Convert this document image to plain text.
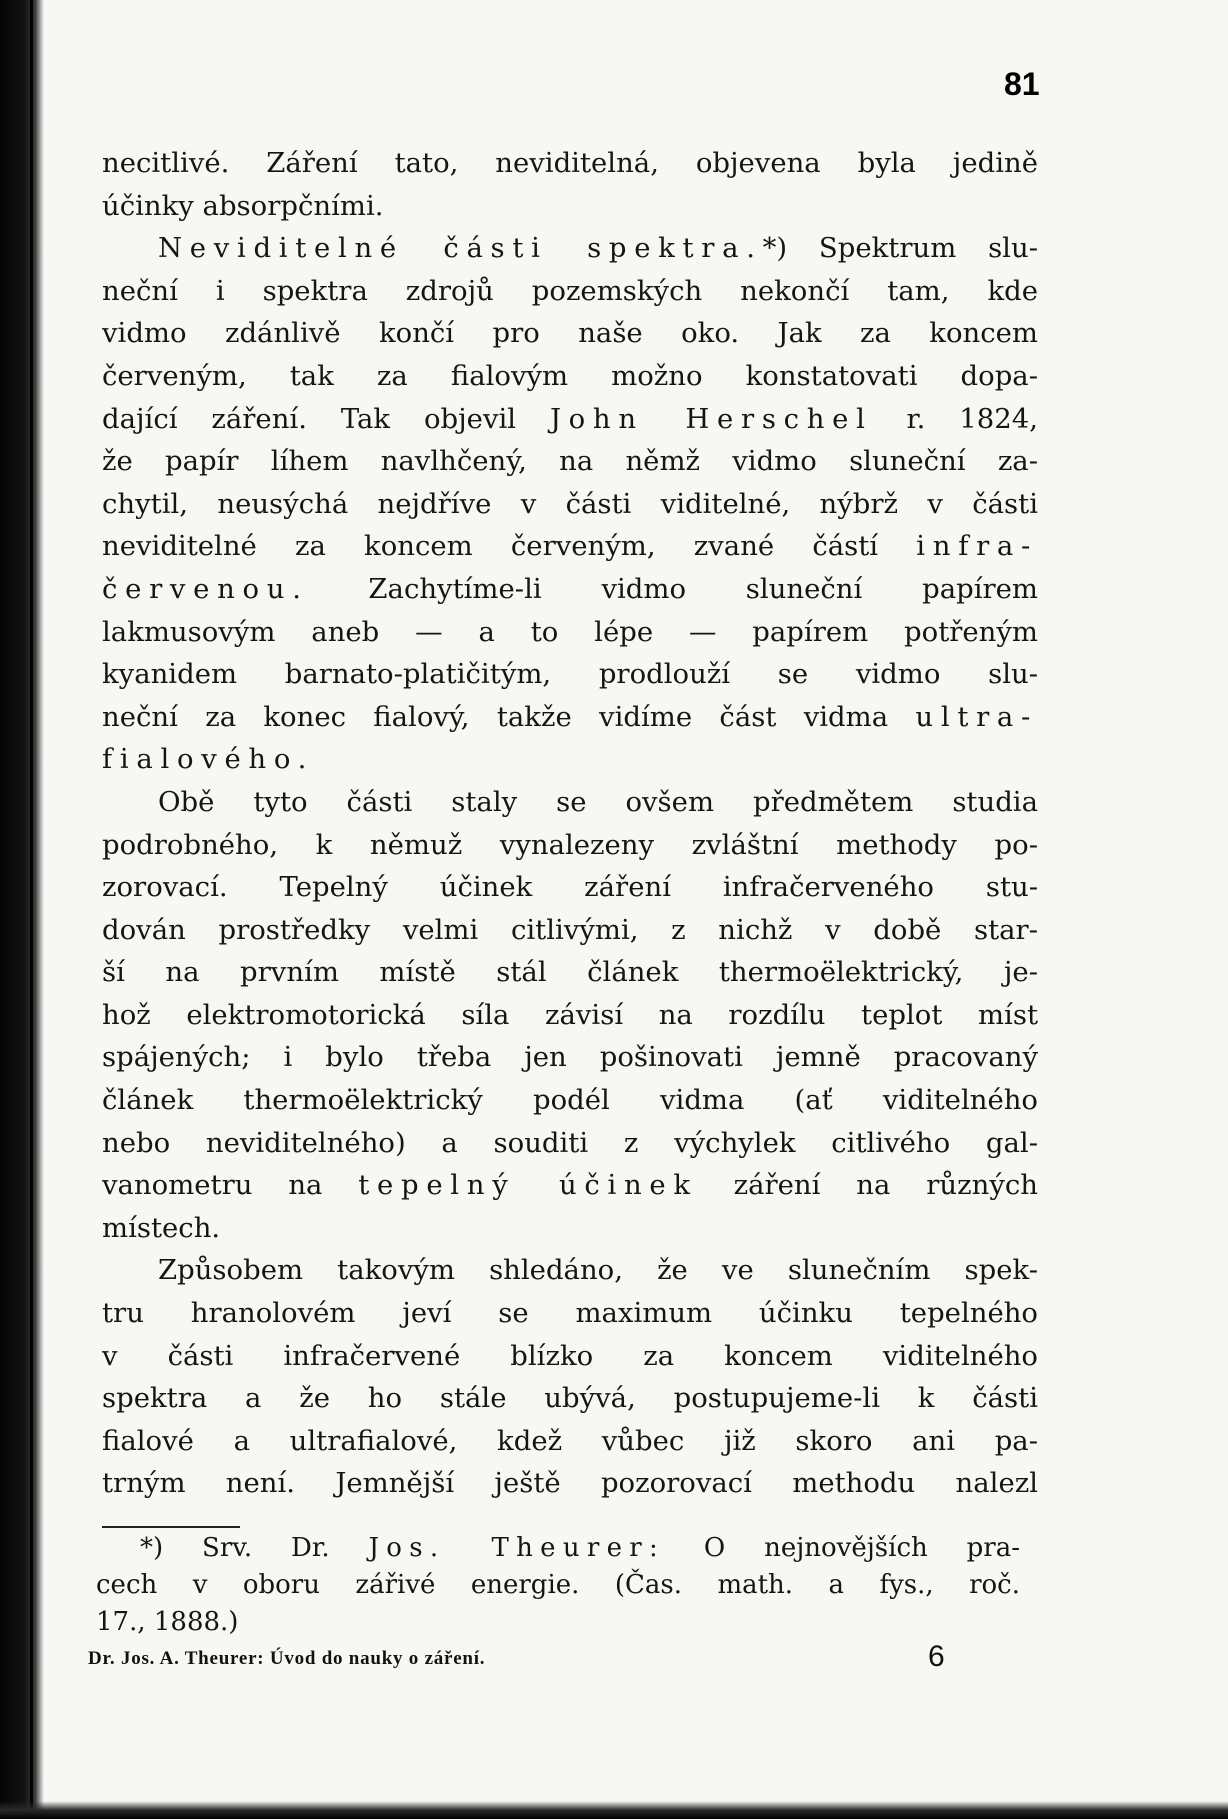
81
necitlivé. Záření tato, neviditelná, objevena byla jedině
účinky absorpčními.
Neviditelné části spektra.*) Spektrum slu-
neční i spektra zdrojů pozemských nekončí tam, kde
vidmo zdánlivě končí pro naše oko. Jak za koncem
červeným, tak za fialovým možno konstatovati dopa-
dající záření. Tak objevil John Herschel r. 1824,
že papír líhem navlhčený, na němž vidmo sluneční za-
chytil, neusýchá nejdříve v části viditelné, nýbrž v části
neviditelné za koncem červeným, zvané částí infra-
červenou. Zachytíme-li vidmo sluneční papírem
lakmusovým aneb — a to lépe — papírem potřeným
kyanidem barnato-platičitým, prodlouží se vidmo slu-
neční za konec fialový, takže vidíme část vidma ultra-
fialového.
Obě tyto části staly se ovšem předmětem studia
podrobného, k němuž vynalezeny zvláštní methody po-
zorovací. Tepelný účinek záření infračerveného stu-
dován prostředky velmi citlivými, z nichž v době star-
ší na prvním místě stál článek thermoëlektrický, je-
hož elektromotorická síla závisí na rozdílu teplot míst
spájených; i bylo třeba jen pošinovati jemně pracovaný
článek thermoëlektrický podél vidma (ať viditelného
nebo neviditelného) a souditi z výchylek citlivého gal-
vanometru na tepelný účinek záření na různých
místech.
Způsobem takovým shledáno, že ve slunečním spek-
tru hranolovém jeví se maximum účinku tepelného
v části infračervené blízko za koncem viditelného
spektra a že ho stále ubývá, postupujeme-li k části
fialové a ultrafialové, kdež vůbec již skoro ani pa-
trným není. Jemnější ještě pozorovací methodu nalezl
*) Srv. Dr. Jos. Theurer: O nejnovějších pra-
cech v oboru zářivé energie. (Čas. math. a fys., roč.
17., 1888.)
Dr. Jos. A. Theurer: Úvod do nauky o záření.	6
